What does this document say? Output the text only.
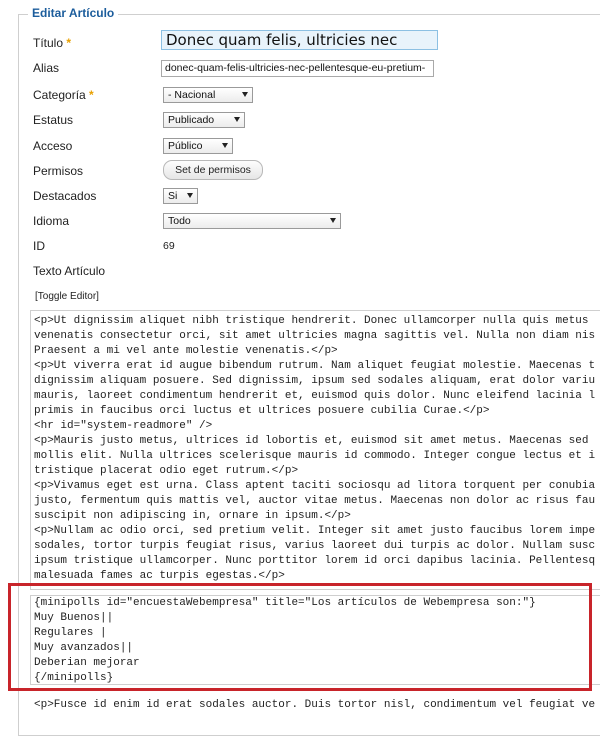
Editar Artículo
Título *	Donec quam felis, ultricies nec
Alias	donec-quam-felis-ultricies-nec-pellentesque-eu-pretium-
Categoría *	- Nacional
Estatus	Publicado
Acceso	Público
Permisos	Set de permisos
Destacados	Si
Idioma	Todo
ID	69
Texto Artículo
[Toggle Editor]
<p>Ut dignissim aliquet nibh tristique hendrerit. Donec ullamcorper nulla quis metus
venenatis consectetur orci, sit amet ultricies magna sagittis vel. Nulla non diam nis
Praesent a mi vel ante molestie venenatis.</p>
<p>Ut viverra erat id augue bibendum rutrum. Nam aliquet feugiat molestie. Maecenas t
dignissim aliquam posuere. Sed dignissim, ipsum sed sodales aliquam, erat dolor variu
mauris, laoreet condimentum hendrerit et, euismod quis dolor. Nunc eleifend lacinia l
primis in faucibus orci luctus et ultrices posuere cubilia Curae.</p>
<hr id="system-readmore" />
<p>Mauris justo metus, ultrices id lobortis et, euismod sit amet metus. Maecenas sed
mollis elit. Nulla ultrices scelerisque mauris id commodo. Integer congue lectus et i
tristique placerat odio eget rutrum.</p>
<p>Vivamus eget est urna. Class aptent taciti sociosqu ad litora torquent per conubia
justo, fermentum quis mattis vel, auctor vitae metus. Maecenas non dolor ac risus fau
suscipit non adipiscing in, ornare in ipsum.</p>
<p>Nullam ac odio orci, sed pretium velit. Integer sit amet justo faucibus lorem impe
sodales, tortor turpis feugiat risus, varius laoreet dui turpis ac dolor. Nullam susc
ipsum tristique ullamcorper. Nunc porttitor lorem id orci dapibus lacinia. Pellentesq
malesuada fames ac turpis egestas.</p>
{minipolls id="encuestaWebempresa" title="Los artículos de Webempresa son:"}
Muy Buenos||
Regulares |
Muy avanzados||
Deberian mejorar
{/minipolls}
<p>Fusce id enim id erat sodales auctor. Duis tortor nisl, condimentum vel feugiat ve
